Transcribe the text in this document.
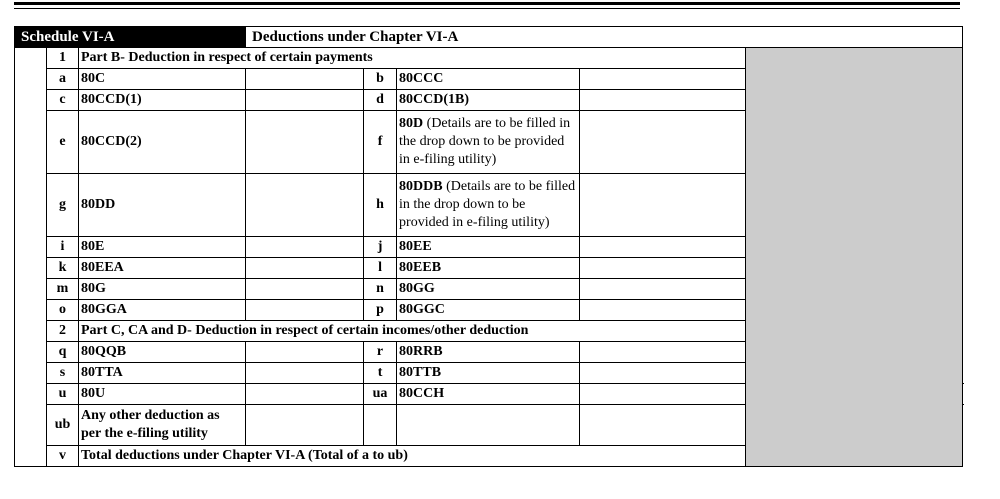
Schedule VI-A			Deductions under Chapter VI-A					
	1	Part B- Deduction in respect of certain payments						
	a	80C		b	80CCC			
	c	80CCD(1)		d	80CCD(1B)			
	e	80CCD(2)		f	80D (Details are to be filled in the drop down to be provided in e-filing utility)			
	g	80DD		h	80DDB (Details are to be filled in the drop down to be provided in e-filing utility)			
	i	80E		j	80EE			
	k	80EEA		l	80EEB			
	m	80G		n	80GG			
	o	80GGA		p	80GGC			
	2	Part C, CA and D- Deduction in respect of certain incomes/other deduction						
	q	80QQB		r	80RRB			
	s	80TTA		t	80TTB			
	u	80U		ua	80CCH			
	ub	Any other deduction as per the e-filing utility						
	v	Total deductions under Chapter VI-A (Total of a to ub)						
